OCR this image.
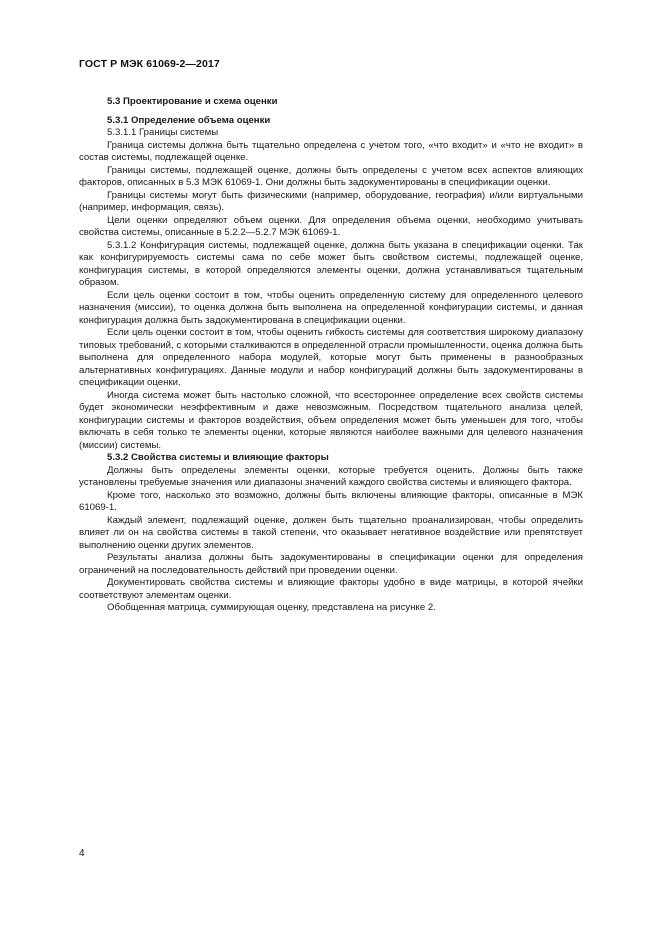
ГОСТ Р МЭК 61069-2—2017
5.3 Проектирование и схема оценки
5.3.1 Определение объема оценки

5.3.1.1 Границы системы

Граница системы должна быть тщательно определена с учетом того, «что входит» и «что не входит» в состав системы, подлежащей оценке.

Границы системы, подлежащей оценке, должны быть определены с учетом всех аспектов влияющих факторов, описанных в 5.3 МЭК 61069-1. Они должны быть задокументированы в спецификации оценки.

Границы системы могут быть физическими (например, оборудование, география) и/или виртуальными (например, информация, связь).

Цели оценки определяют объем оценки. Для определения объема оценки, необходимо учитывать свойства системы, описанные в 5.2.2—5.2.7 МЭК 61069-1.

5.3.1.2 Конфигурация системы, подлежащей оценке, должна быть указана в спецификации оценки. Так как конфигурируемость системы сама по себе может быть свойством системы, подлежащей оценке, конфигурация системы, в которой определяются элементы оценки, должна устанавливаться тщательным образом.

Если цель оценки состоит в том, чтобы оценить определенную систему для определенного целевого назначения (миссии), то оценка должна быть выполнена на определенной конфигурации системы, и данная конфигурация должна быть задокументирована в спецификации оценки.

Если цель оценки состоит в том, чтобы оценить гибкость системы для соответствия широкому диапазону типовых требований, с которыми сталкиваются в определенной отрасли промышленности, оценка должна быть выполнена для определенного набора модулей, которые могут быть применены в разнообразных альтернативных конфигурациях. Данные модули и набор конфигураций должны быть задокументированы в спецификации оценки.

Иногда система может быть настолько сложной, что всестороннее определение всех свойств системы будет экономически неэффективным и даже невозможным. Посредством тщательного анализа целей, конфигурации системы и факторов воздействия, объем определения может быть уменьшен для того, чтобы включать в себя только те элементы оценки, которые являются наиболее важными для целевого назначения (миссии) системы.

5.3.2 Свойства системы и влияющие факторы

Должны быть определены элементы оценки, которые требуется оценить. Должны быть также установлены требуемые значения или диапазоны значений каждого свойства системы и влияющего фактора.

Кроме того, насколько это возможно, должны быть включены влияющие факторы, описанные в МЭК 61069-1.

Каждый элемент, подлежащий оценке, должен быть тщательно проанализирован, чтобы определить влияет ли он на свойства системы в такой степени, что оказывает негативное воздействие или препятствует выполнению оценки других элементов.

Результаты анализа должны быть задокументированы в спецификации оценки для определения ограничений на последовательность действий при проведении оценки.

Документировать свойства системы и влияющие факторы удобно в виде матрицы, в которой ячейки соответствуют элементам оценки.

Обобщенная матрица, суммирующая оценку, представлена на рисунке 2.

4
